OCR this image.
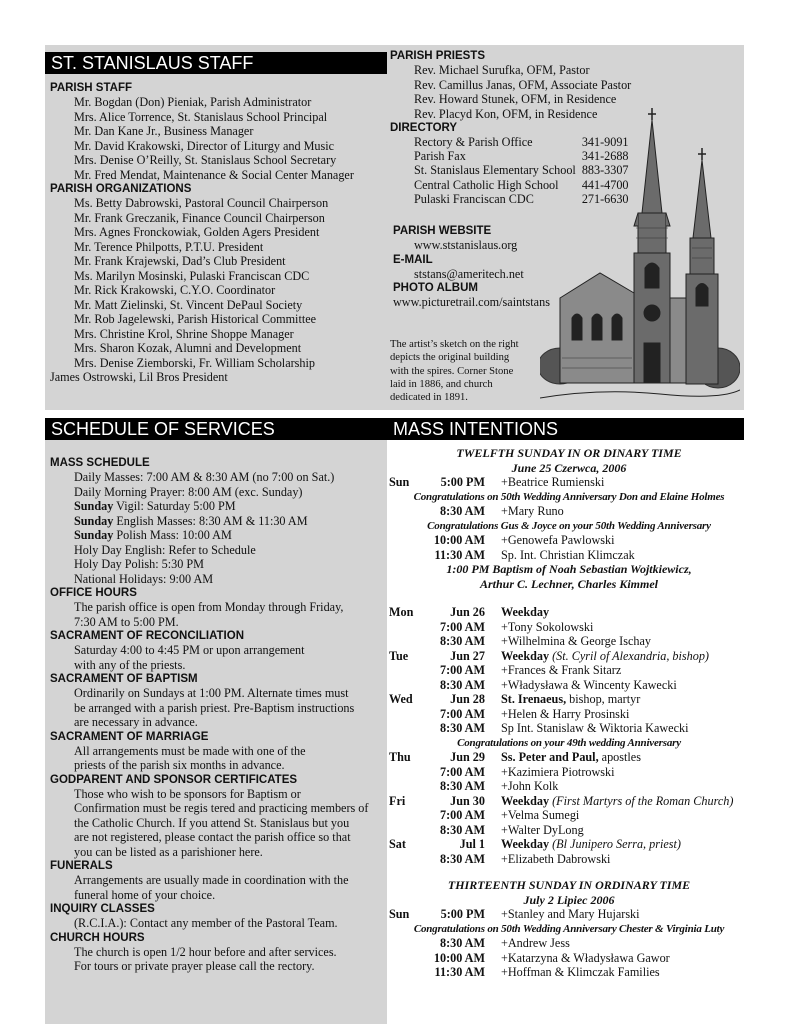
ST. STANISLAUS STAFF
SCHEDULE OF SERVICES	MASS INTENTIONS
PARISH STAFF
Mr. Bogdan (Don) Pieniak, Parish Administrator
Mrs. Alice Torrence, St. Stanislaus School Principal
Mr. Dan Kane Jr., Business Manager
Mr. David Krakowski, Director of Liturgy and Music
Mrs. Denise O’Reilly, St. Stanislaus School Secretary
Mr. Fred Mendat, Maintenance & Social Center Manager
PARISH ORGANIZATIONS
Ms. Betty Dabrowski, Pastoral Council Chairperson
Mr. Frank Greczanik, Finance Council Chairperson
Mrs. Agnes Fronckowiak, Golden Agers President
Mr. Terence Philpotts, P.T.U. President
Mr. Frank Krajewski, Dad’s Club President
Ms. Marilyn Mosinski, Pulaski Franciscan CDC
Mr. Rick Krakowski, C.Y.O. Coordinator
Mr. Matt Zielinski, St. Vincent DePaul Society
Mr. Rob Jagelewski, Parish Historical Committee
Mrs. Christine Krol, Shrine Shoppe Manager
Mrs. Sharon Kozak, Alumni and Development
Mrs. Denise Ziemborski, Fr. William Scholarship
James Ostrowski, Lil Bros President
PARISH PRIESTS
Rev. Michael Surufka, OFM, Pastor
Rev. Camillus Janas, OFM, Associate Pastor
Rev. Howard Stunek, OFM, in Residence
Rev. Placyd Kon, OFM, in Residence
DIRECTORY
Rectory & Parish Office	341-9091
Parish Fax	341-2688
St. Stanislaus Elementary School	883-3307
Central Catholic High School	441-4700
Pulaski Franciscan CDC	271-6630
PARISH WEBSITE
www.ststanislaus.org
E-MAIL
ststans@ameritech.net
PHOTO ALBUM
www.picturetrail.com/saintstans
The artist’s sketch on the right
depicts the original building
with the spires. Corner Stone
laid in 1886, and church
dedicated in 1891.
MASS SCHEDULE
Daily Masses: 7:00 AM & 8:30 AM (no 7:00 on Sat.)
Daily Morning Prayer: 8:00 AM (exc. Sunday)
Sunday Vigil: Saturday 5:00 PM
Sunday English Masses: 8:30 AM & 11:30 AM
Sunday Polish Mass: 10:00 AM
Holy Day English: Refer to Schedule
Holy Day Polish: 5:30 PM
National Holidays: 9:00 AM
OFFICE HOURS
The parish office is open from Monday through Friday,
7:30 AM to 5:00 PM.
SACRAMENT OF RECONCILIATION
Saturday 4:00 to 4:45 PM or upon arrangement
with any of the priests.
SACRAMENT OF BAPTISM
Ordinarily on Sundays at 1:00 PM. Alternate times must
be arranged with a parish priest. Pre-Baptism instructions
are necessary in advance.
SACRAMENT OF MARRIAGE
All arrangements must be made with one of the
priests of the parish six months in advance.
GODPARENT AND SPONSOR CERTIFICATES
Those who wish to be sponsors for Baptism or
Confirmation must be regis tered and practicing members of
the Catholic Church. If you attend St. Stanislaus but you
are not registered, please contact the parish office so that
you can be listed as a parishioner here.
FUNERALS
Arrangements are usually made in coordination with the
funeral home of your choice.
INQUIRY CLASSES
(R.C.I.A.): Contact any member of the Pastoral Team.
CHURCH HOURS
The church is open 1/2 hour before and after services.
For tours or private prayer please call the rectory.
TWELFTH SUNDAY IN OR DINARY TIME
June 25 Czerwca, 2006
Sun	5:00 PM +Beatrice Rumienski
Congratulations on 50th Wedding Anniversary Don and Elaine Holmes
8:30 AM +Mary Runo
Congratulations Gus & Joyce on your 50th Wedding Anniversary
10:00 AM +Genowefa Pawlowski
11:30 AM Sp. Int. Christian Klimczak
1:00 PM Baptism of Noah Sebastian Wojtkiewicz,
Arthur C. Lechner, Charles Kimmel
Mon	Jun 26 Weekday
7:00 AM +Tony Sokolowski
8:30 AM +Wilhelmina & George Ischay
Tue	Jun 27 Weekday (St. Cyril of Alexandria, bishop)
7:00 AM +Frances & Frank Sitarz
8:30 AM +Władysława & Wincenty Kawecki
Wed	Jun 28 St. Irenaeus, bishop, martyr
7:00 AM +Helen & Harry Prosinski
8:30 AM Sp Int. Stanislaw & Wiktoria Kawecki
Congratulations on your 49th wedding Anniversary
Thu	Jun 29 Ss. Peter and Paul, apostles
7:00 AM +Kazimiera Piotrowski
8:30 AM +John Kolk
Fri	Jun 30 Weekday (First Martyrs of the Roman Church)
7:00 AM +Velma Sumegi
8:30 AM +Walter DyLong
Sat	Jul 1 Weekday (Bl Junipero Serra, priest)
8:30 AM +Elizabeth Dabrowski
THIRTEENTH SUNDAY IN ORDINARY TIME
July 2 Lipiec 2006
Sun	5:00 PM +Stanley and Mary Hujarski
Congratulations on 50th Wedding Anniversary Chester & Virginia Luty
8:30 AM +Andrew Jess
10:00 AM +Katarzyna & Władysława Gawor
11:30 AM +Hoffman & Klimczak Families
